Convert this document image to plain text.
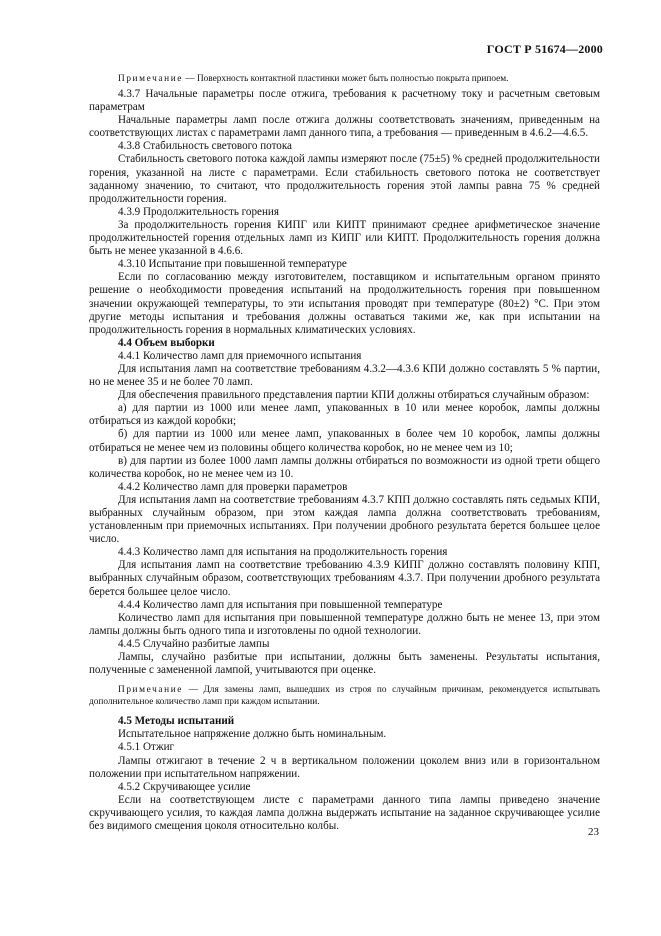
ГОСТ Р 51674—2000

Примечание — Поверхность контактной пластинки может быть полностью покрыта припоем.

4.3.7 Начальные параметры после отжига, требования к расчетному току и расчетным световым параметрам

Начальные параметры ламп после отжига должны соответствовать значениям, приведенным на соответствующих листах с параметрами ламп данного типа, а требования — приведенным в 4.6.2—4.6.5.

4.3.8 Стабильность светового потока

Стабильность светового потока каждой лампы измеряют после (75±5) % средней продолжительности горения, указанной на листе с параметрами. Если стабильность светового потока не соответствует заданному значению, то считают, что продолжительность горения этой лампы равна 75 % средней продолжительности горения.

4.3.9 Продолжительность горения

За продолжительность горения КИПГ или КИПТ принимают среднее арифметическое значение продолжительностей горения отдельных ламп из КИПГ или КИПТ. Продолжительность горения должна быть не менее указанной в 4.6.6.

4.3.10 Испытание при повышенной температуре

Если по согласованию между изготовителем, поставщиком и испытательным органом принято решение о необходимости проведения испытаний на продолжительность горения при повышенном значении окружающей температуры, то эти испытания проводят при температуре (80±2) °С. При этом другие методы испытания и требования должны оставаться такими же, как при испытании на продолжительность горения в нормальных климатических условиях.

4.4 Объем выборки

4.4.1 Количество ламп для приемочного испытания

Для испытания ламп на соответствие требованиям 4.3.2—4.3.6 КПИ должно составлять 5 % партии, но не менее 35 и не более 70 ламп.

Для обеспечения правильного представления партии КПИ должны отбираться случайным образом:

а) для партии из 1000 или менее ламп, упакованных в 10 или менее коробок, лампы должны отбираться из каждой коробки;

б) для партии из 1000 или менее ламп, упакованных в более чем 10 коробок, лампы должны отбираться не менее чем из половины общего количества коробок, но не менее чем из 10;

в) для партии из более 1000 ламп лампы должны отбираться по возможности из одной трети общего количества коробок, но не менее чем из 10.

4.4.2 Количество ламп для проверки параметров

Для испытания ламп на соответствие требованиям 4.3.7 КПП должно составлять пять седьмых КПИ, выбранных случайным образом, при этом каждая лампа должна соответствовать требованиям, установленным при приемочных испытаниях. При получении дробного результата берется большее целое число.

4.4.3 Количество ламп для испытания на продолжительность горения

Для испытания ламп на соответствие требованию 4.3.9 КИПГ должно составлять половину КПП, выбранных случайным образом, соответствующих требованиям 4.3.7. При получении дробного результата берется большее целое число.

4.4.4 Количество ламп для испытания при повышенной температуре

Количество ламп для испытания при повышенной температуре должно быть не менее 13, при этом лампы должны быть одного типа и изготовлены по одной технологии.

4.4.5 Случайно разбитые лампы

Лампы, случайно разбитые при испытании, должны быть заменены. Результаты испытания, полученные с замененной лампой, учитываются при оценке.

Примечание — Для замены ламп, вышедших из строя по случайным причинам, рекомендуется испытывать дополнительное количество ламп при каждом испытании.

4.5 Методы испытаний

Испытательное напряжение должно быть номинальным.

4.5.1 Отжиг

Лампы отжигают в течение 2 ч в вертикальном положении цоколем вниз или в горизонтальном положении при испытательном напряжении.

4.5.2 Скручивающее усилие

Если на соответствующем листе с параметрами данного типа лампы приведено значение скручивающего усилия, то каждая лампа должна выдержать испытание на заданное скручивающее усилие без видимого смещения цоколя относительно колбы.

23
